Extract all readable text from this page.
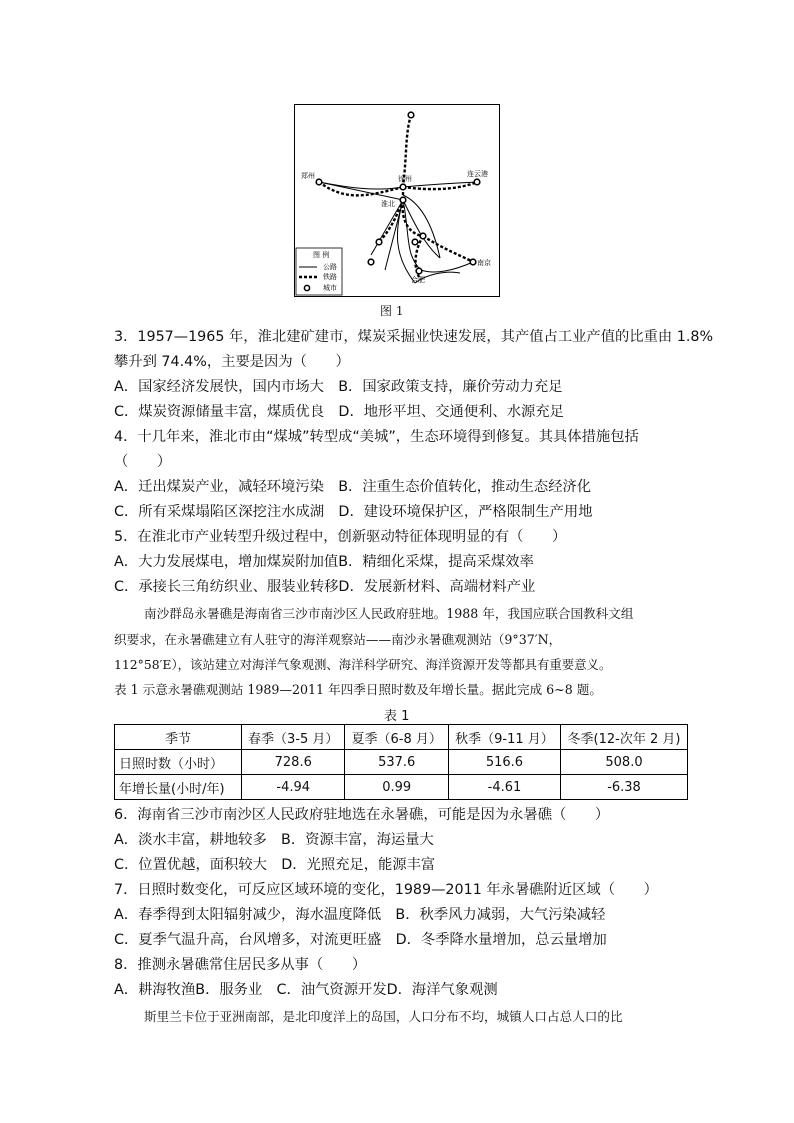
郑州	徐州
连云港
淮北
南京
合肥
图 例
公路
铁路
城市
图 1
3．1957—1965 年，淮北建矿建市，煤炭采掘业快速发展，其产值占工业产值的比重由 1.8%
攀升到 74.4%，主要是因为（　　）
A．国家经济发展快，国内市场大　B．国家政策支持，廉价劳动力充足
C．煤炭资源储量丰富，煤质优良　D．地形平坦、交通便利、水源充足
4．十几年来，淮北市由“煤城”转型成“美城”，生态环境得到修复。其具体措施包括
（　　）
A．迁出煤炭产业，减轻环境污染　B．注重生态价值转化，推动生态经济化
C．所有采煤塌陷区深挖注水成湖　D．建设环境保护区，严格限制生产用地
5．在淮北市产业转型升级过程中，创新驱动特征体现明显的有（　　）
A．大力发展煤电，增加煤炭附加值B．精细化采煤，提高采煤效率
C．承接长三角纺织业、服装业转移D．发展新材料、高端材料产业
南沙群岛永暑礁是海南省三沙市南沙区人民政府驻地。1988 年，我国应联合国教科文组
织要求，在永暑礁建立有人驻守的海洋观察站——南沙永暑礁观测站（9°37′N，
112°58′E），该站建立对海洋气象观测、海洋科学研究、海洋资源开发等都具有重要意义。
表 1 示意永暑礁观测站 1989—2011 年四季日照时数及年增长量。据此完成 6~8 题。
表 1
季节	春季（3-5 月）	夏季（6-8 月）	秋季（9-11 月）	冬季(12-次年 2 月)
日照时数（小时）	728.6	537.6	516.6	508.0
年增长量(小时/年)	-4.94	0.99	-4.61	-6.38
6．海南省三沙市南沙区人民政府驻地选在永暑礁，可能是因为永暑礁（　　）
A．淡水丰富，耕地较多　B．资源丰富，海运量大
C．位置优越，面积较大　D．光照充足，能源丰富
7．日照时数变化，可反应区域环境的变化，1989—2011 年永暑礁附近区域（　　）
A．春季得到太阳辐射减少，海水温度降低　B．秋季风力减弱，大气污染减轻
C．夏季气温升高，台风增多，对流更旺盛　D．冬季降水量增加，总云量增加
8．推测永暑礁常住居民多从事（　　）
A．耕海牧渔B．服务业　C．油气资源开发D．海洋气象观测
斯里兰卡位于亚洲南部，是北印度洋上的岛国，人口分布不均，城镇人口占总人口的比
